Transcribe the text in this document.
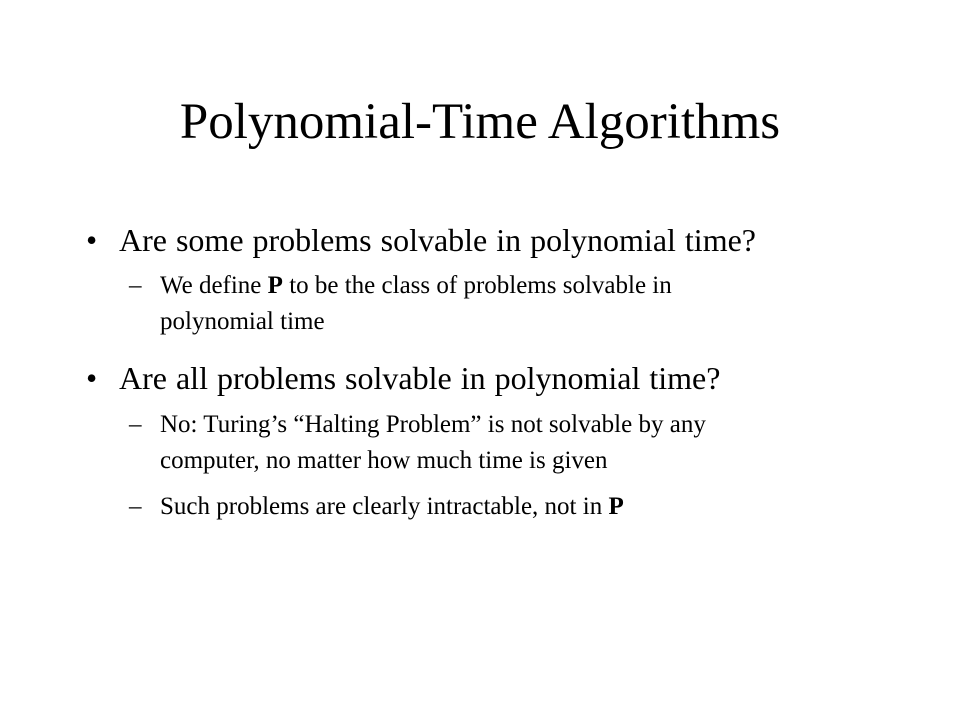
Polynomial-Time Algorithms
• Are some problems solvable in polynomial time?
– We define P to be the class of problems solvable in
polynomial time
• Are all problems solvable in polynomial time?
– No: Turing’s “Halting Problem” is not solvable by any
computer, no matter how much time is given
– Such problems are clearly intractable, not in P
